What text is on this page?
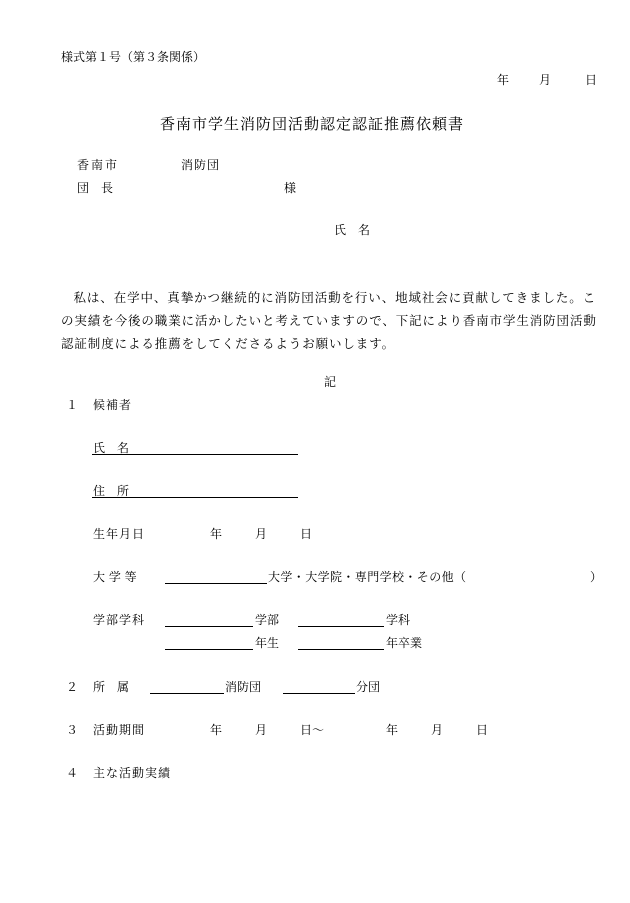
様式第１号（第３条関係）
年 月	日
香南市学生消防団活動認定認証推薦依頼書
香南市	消防団
団　長	様
氏　名

私は、在学中、真摯かつ継続的に消防団活動を行い、地域社会に貢献してきました。この実績を今後の職業に活かしたいと考えていますので、下記により香南市学生消防団活動認証制度による推薦をしてくださるようお願いします。

記
１ 候補者
氏　名
住　所
生年月日	年	月	日
大 学 等	大学・大学院・専門学校・その他（	）
学部学科	学部	学科
年生	年卒業
２ 所　属	消防団	分団
３ 活動期間	年	月	日～	年	月	日
４ 主な活動実績
